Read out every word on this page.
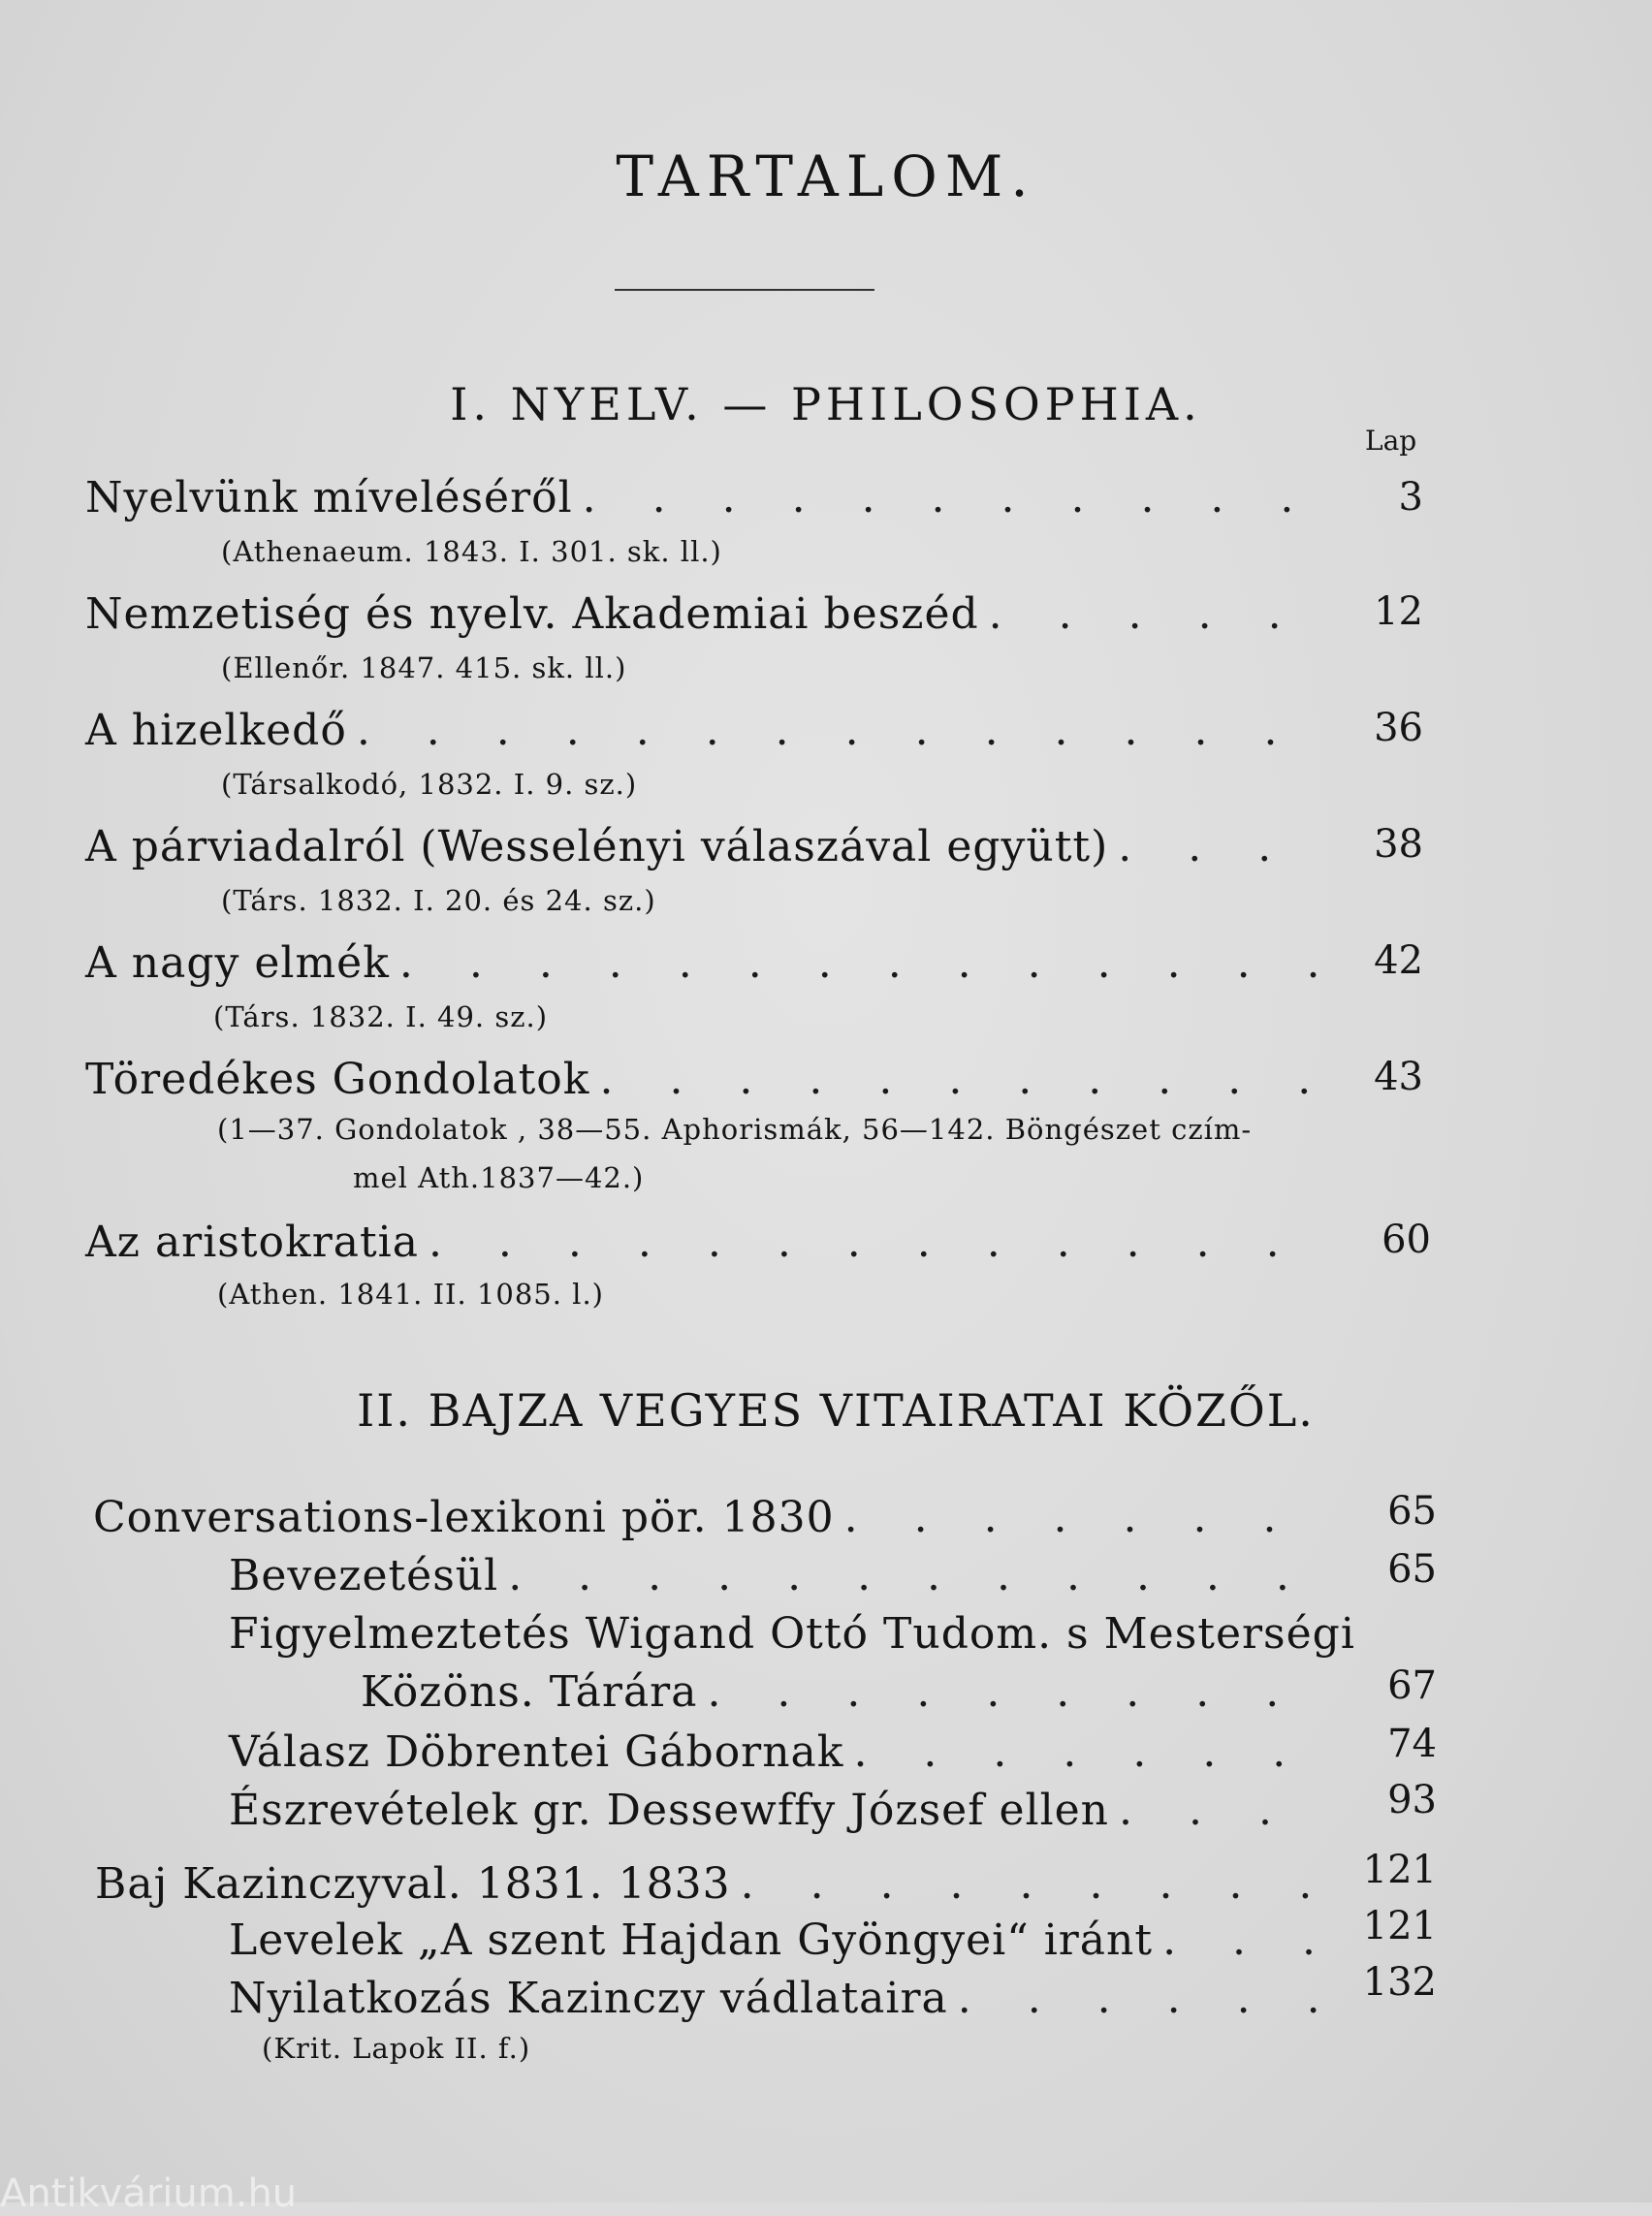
TARTALOM.
I. NYELV. — PHILOSOPHIA.
Lap
Nyelvünk míveléséről . . .	3
(Athenaeum. 1843. I. 301. sk. ll.)
Nemzetiség és nyelv. Akademiai beszéd . . .	12
(Ellenőr. 1847. 415. sk. ll.)
A hizelkedő . . .	36
(Társalkodó, 1832. I. 9. sz.)
A párviadalról (Wesselényi válaszával együtt) . . .	38
(Társ. 1832. I. 20. és 24. sz.)
A nagy elmék . . .	42
(Társ. 1832. I. 49. sz.)
Töredékes Gondolatok . . .	43
(1—37. Gondolatok , 38—55. Aphorismák, 56—142. Böngészet czím-
mel Ath.1837—42.)
Az aristokratia . . .	60
(Athen. 1841. II. 1085. l.)
II. BAJZA VEGYES VITAIRATAI KÖZŐL.
Conversations-lexikoni pör. 1830 . . .	65
Bevezetésül . . .	65
Figyelmeztetés Wigand Ottó Tudom. s Mesterségi
Közöns. Tárára . . .	67
Válasz Döbrentei Gábornak . . .	74
Észrevételek gr. Dessewffy József ellen . . .	93
Baj Kazinczyval. 1831. 1833 . . .	121
Levelek „A szent Hajdan Gyöngyei“ iránt . . .	121
Nyilatkozás Kazinczy vádlataira . . .	132
(Krit. Lapok II. f.)
Antikvárium.hu
